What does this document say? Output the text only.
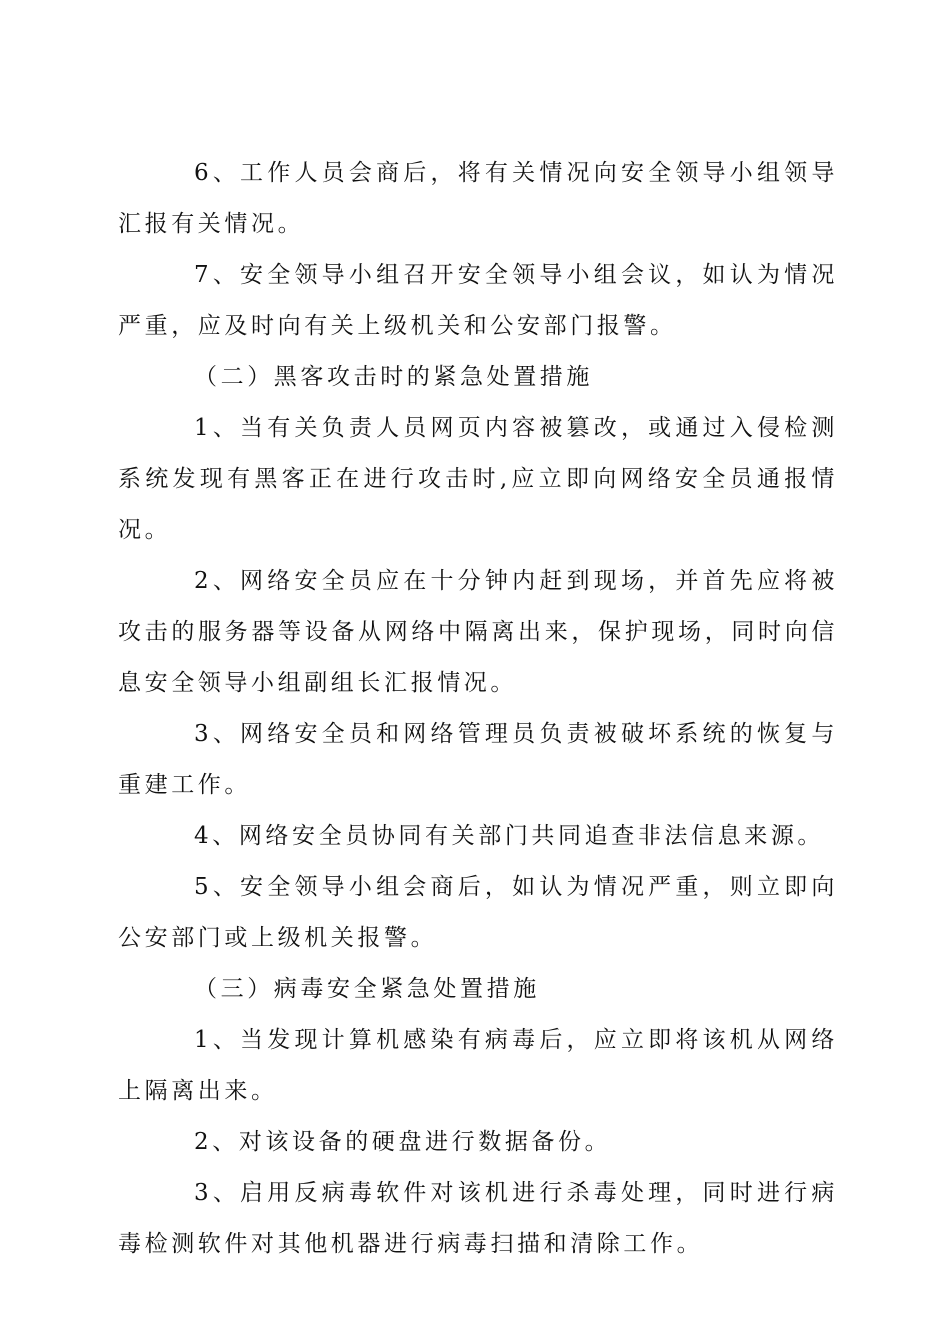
6、工作人员会商后，将有关情况向安全领导小组领导汇报有关情况。

7、安全领导小组召开安全领导小组会议，如认为情况严重，应及时向有关上级机关和公安部门报警。

（二）黑客攻击时的紧急处置措施

1、当有关负责人员网页内容被篡改，或通过入侵检测系统发现有黑客正在进行攻击时,应立即向网络安全员通报情况。

2、网络安全员应在十分钟内赶到现场，并首先应将被攻击的服务器等设备从网络中隔离出来，保护现场，同时向信息安全领导小组副组长汇报情况。

3、网络安全员和网络管理员负责被破坏系统的恢复与重建工作。

4、网络安全员协同有关部门共同追查非法信息来源。

5、安全领导小组会商后，如认为情况严重，则立即向公安部门或上级机关报警。

（三）病毒安全紧急处置措施

1、当发现计算机感染有病毒后，应立即将该机从网络上隔离出来。

2、对该设备的硬盘进行数据备份。

3、启用反病毒软件对该机进行杀毒处理，同时进行病毒检测软件对其他机器进行病毒扫描和清除工作。
